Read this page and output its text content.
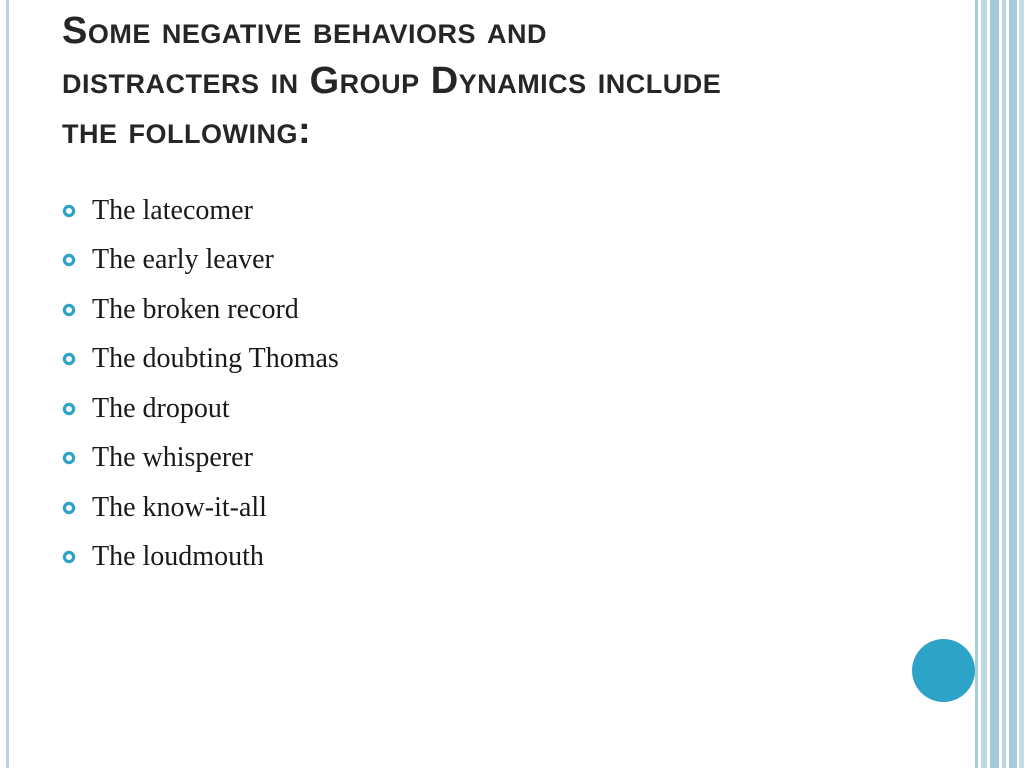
Some negative behaviors and
distracters in Group Dynamics include
the following:
The latecomer
The early leaver
The broken record
The doubting Thomas
The dropout
The whisperer
The know-it-all
The loudmouth
